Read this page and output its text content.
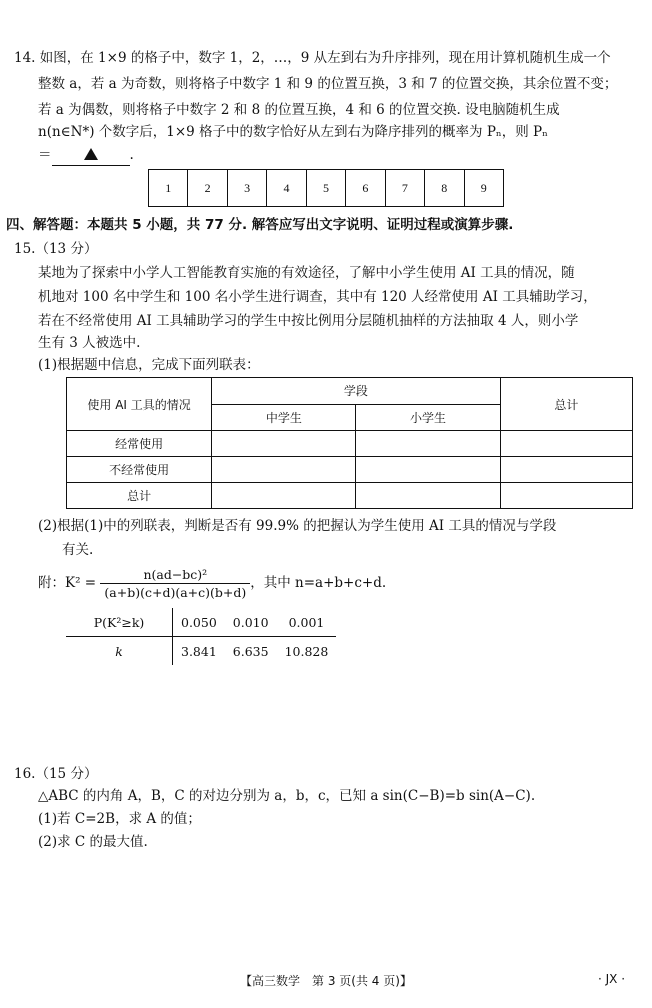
14. 如图，在 1×9 的格子中，数字 1，2，…，9 从左到右为升序排列，现在用计算机随机生成一个
整数 a，若 a 为奇数，则将格子中数字 1 和 9 的位置互换，3 和 7 的位置交换，其余位置不变；
若 a 为偶数，则将格子中数字 2 和 8 的位置互换，4 和 6 的位置交换. 设电脑随机生成
n(n∈N*) 个数字后，1×9 格子中的数字恰好从左到右为降序排列的概率为 Pₙ，则 Pₙ
＝	.
1	2	3	4	5	6	7	8	9
四、解答题：本题共 5 小题，共 77 分. 解答应写出文字说明、证明过程或演算步骤.
15.（13 分）
某地为了探索中小学人工智能教育实施的有效途径，了解中小学生使用 AI 工具的情况，随
机地对 100 名中学生和 100 名小学生进行调查，其中有 120 人经常使用 AI 工具辅助学习，
若在不经常使用 AI 工具辅助学习的学生中按比例用分层随机抽样的方法抽取 4 人，则小学
生有 3 人被选中.
(1)根据题中信息，完成下面列联表：
使用 AI 工具的情况	学段		总计
	中学生	小学生	
经常使用			
不经常使用			
总计			
(2)根据(1)中的列联表，判断是否有 99.9% 的把握认为学生使用 AI 工具的情况与学段
有关.
附：$K^2 = \frac{\text{n(ad−bc)²}}{(a+b)(c+d)(a+c)(b+d)}$ ，其中 n=a+b+c+d.
P(K²≥k)	0.050	0.010	0.001
k	3.841	6.635	10.828
16.（15 分）
△ABC 的内角 A，B，C 的对边分别为 a，b，c，已知 a sin(C−B)=b sin(A−C).
(1)若 C=2B，求 A 的值；
(2)求 C 的最大值.
【高三数学　第 3 页(共 4 页)】	· JX ·
